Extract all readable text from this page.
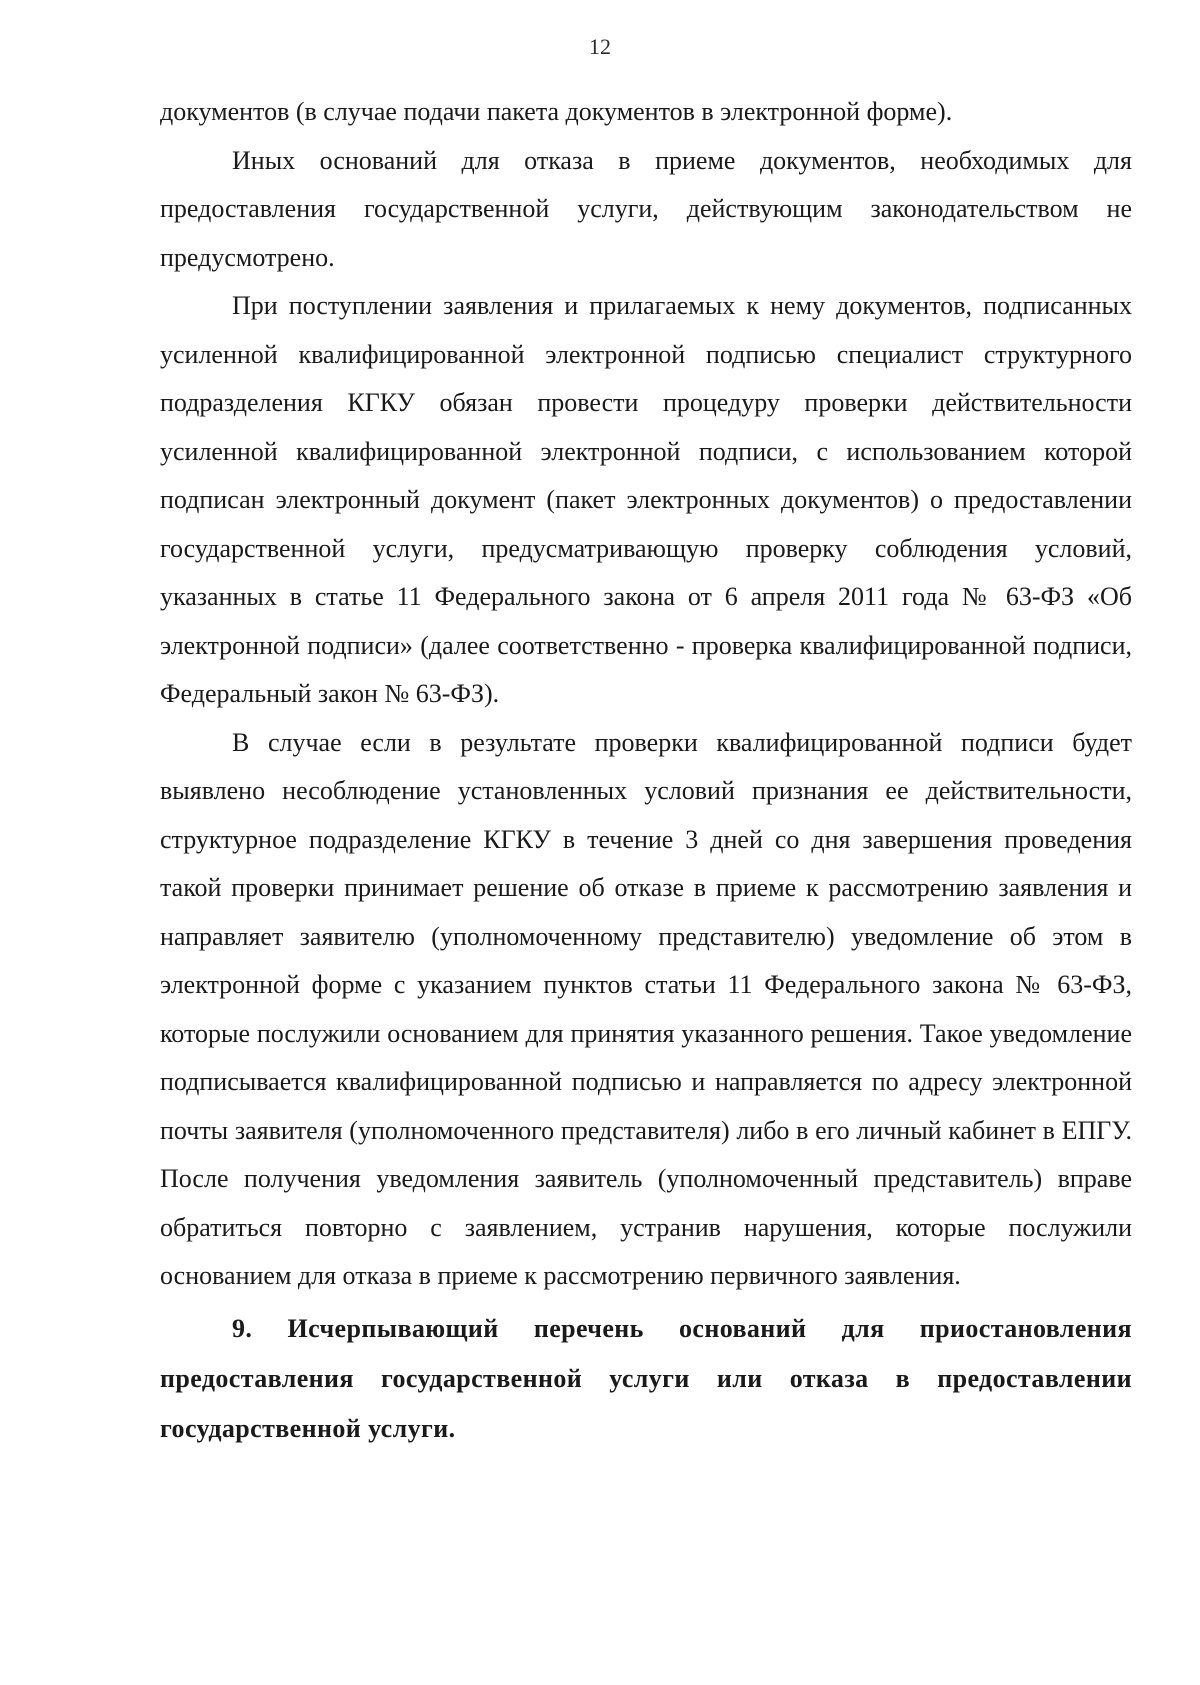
12

документов (в случае подачи пакета документов в электронной форме).

Иных оснований для отказа в приеме документов, необходимых для предоставления государственной услуги, действующим законодательством не предусмотрено.

При поступлении заявления и прилагаемых к нему документов, подписанных усиленной квалифицированной электронной подписью специалист структурного подразделения КГКУ обязан провести процедуру проверки действительности усиленной квалифицированной электронной подписи, с использованием которой подписан электронный документ (пакет электронных документов) о предоставлении государственной услуги, предусматривающую проверку соблюдения условий, указанных в статье 11 Федерального закона от 6 апреля 2011 года № 63-ФЗ «Об электронной подписи» (далее соответственно - проверка квалифицированной подписи, Федеральный закон № 63-ФЗ).

В случае если в результате проверки квалифицированной подписи будет выявлено несоблюдение установленных условий признания ее действительности, структурное подразделение КГКУ в течение 3 дней со дня завершения проведения такой проверки принимает решение об отказе в приеме к рассмотрению заявления и направляет заявителю (уполномоченному представителю) уведомление об этом в электронной форме с указанием пунктов статьи 11 Федерального закона № 63-ФЗ, которые послужили основанием для принятия указанного решения. Такое уведомление подписывается квалифицированной подписью и направляется по адресу электронной почты заявителя (уполномоченного представителя) либо в его личный кабинет в ЕПГУ. После получения уведомления заявитель (уполномоченный представитель) вправе обратиться повторно с заявлением, устранив нарушения, которые послужили основанием для отказа в приеме к рассмотрению первичного заявления.

9. Исчерпывающий перечень оснований для приостановления предоставления государственной услуги или отказа в предоставлении государственной услуги.
